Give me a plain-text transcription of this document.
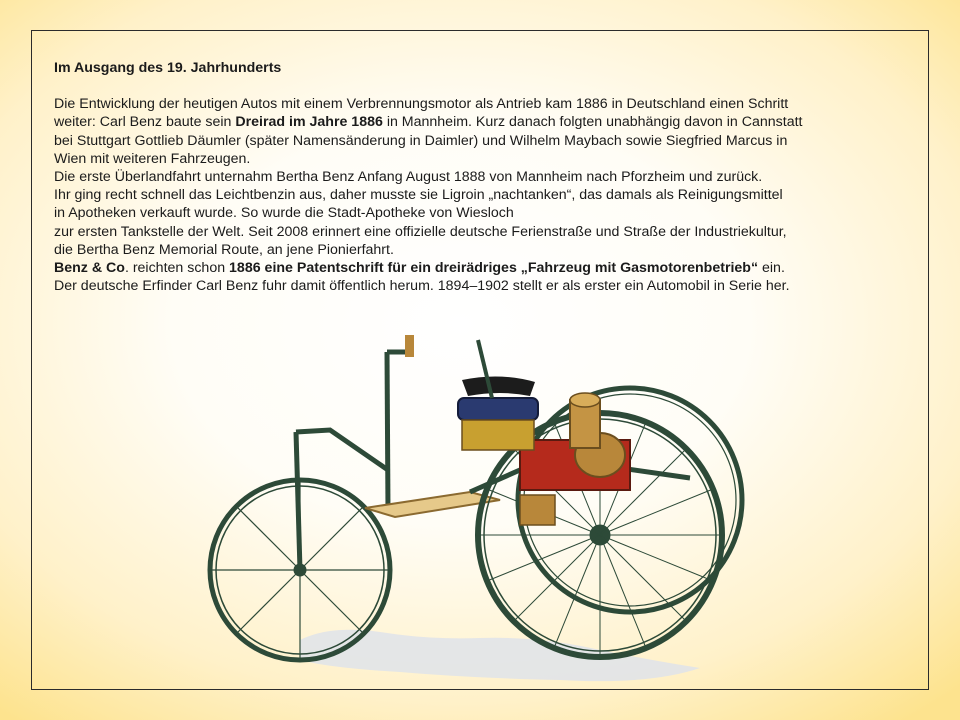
Im Ausgang des 19. Jahrhunderts

Die Entwicklung der heutigen Autos mit einem Verbrennungsmotor als Antrieb kam 1886 in Deutschland einen Schritt

weiter: Carl Benz baute sein Dreirad im Jahre 1886 in Mannheim. Kurz danach folgten unabhängig davon in Cannstatt

bei Stuttgart Gottlieb Däumler (später Namensänderung in Daimler) und Wilhelm Maybach sowie Siegfried Marcus in

Wien mit weiteren Fahrzeugen.

Die erste Überlandfahrt unternahm Bertha Benz Anfang August 1888 von Mannheim nach Pforzheim und zurück.

Ihr ging recht schnell das Leichtbenzin aus, daher musste sie Ligroin „nachtanken“, das damals als Reinigungsmittel

in Apotheken verkauft wurde. So wurde die Stadt-Apotheke von Wiesloch

zur ersten Tankstelle der Welt. Seit 2008 erinnert eine offizielle deutsche Ferienstraße und Straße der Industriekultur,

die Bertha Benz Memorial Route, an jene Pionierfahrt.

Benz & Co. reichten schon 1886 eine Patentschrift für ein dreirädriges „Fahrzeug mit Gasmotorenbetrieb“ ein.

Der deutsche Erfinder Carl Benz fuhr damit öffentlich herum. 1894–1902 stellt er als erster ein Automobil in Serie her.
